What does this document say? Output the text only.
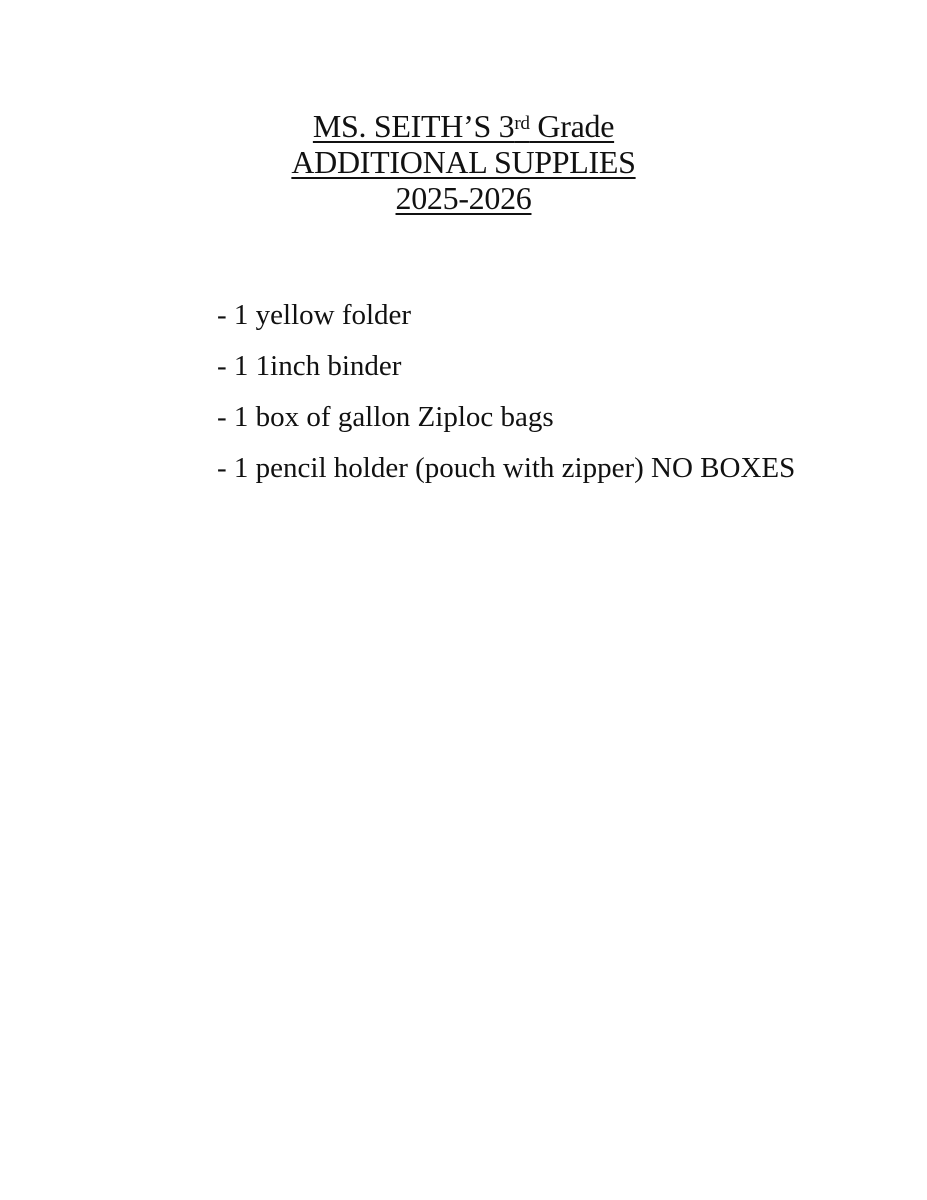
MS. SEITH’S 3rd Grade
ADDITIONAL SUPPLIES
2025-2026
- 1 yellow folder
- 1 1inch binder
- 1 box of gallon Ziploc bags
- 1 pencil holder (pouch with zipper) NO BOXES
